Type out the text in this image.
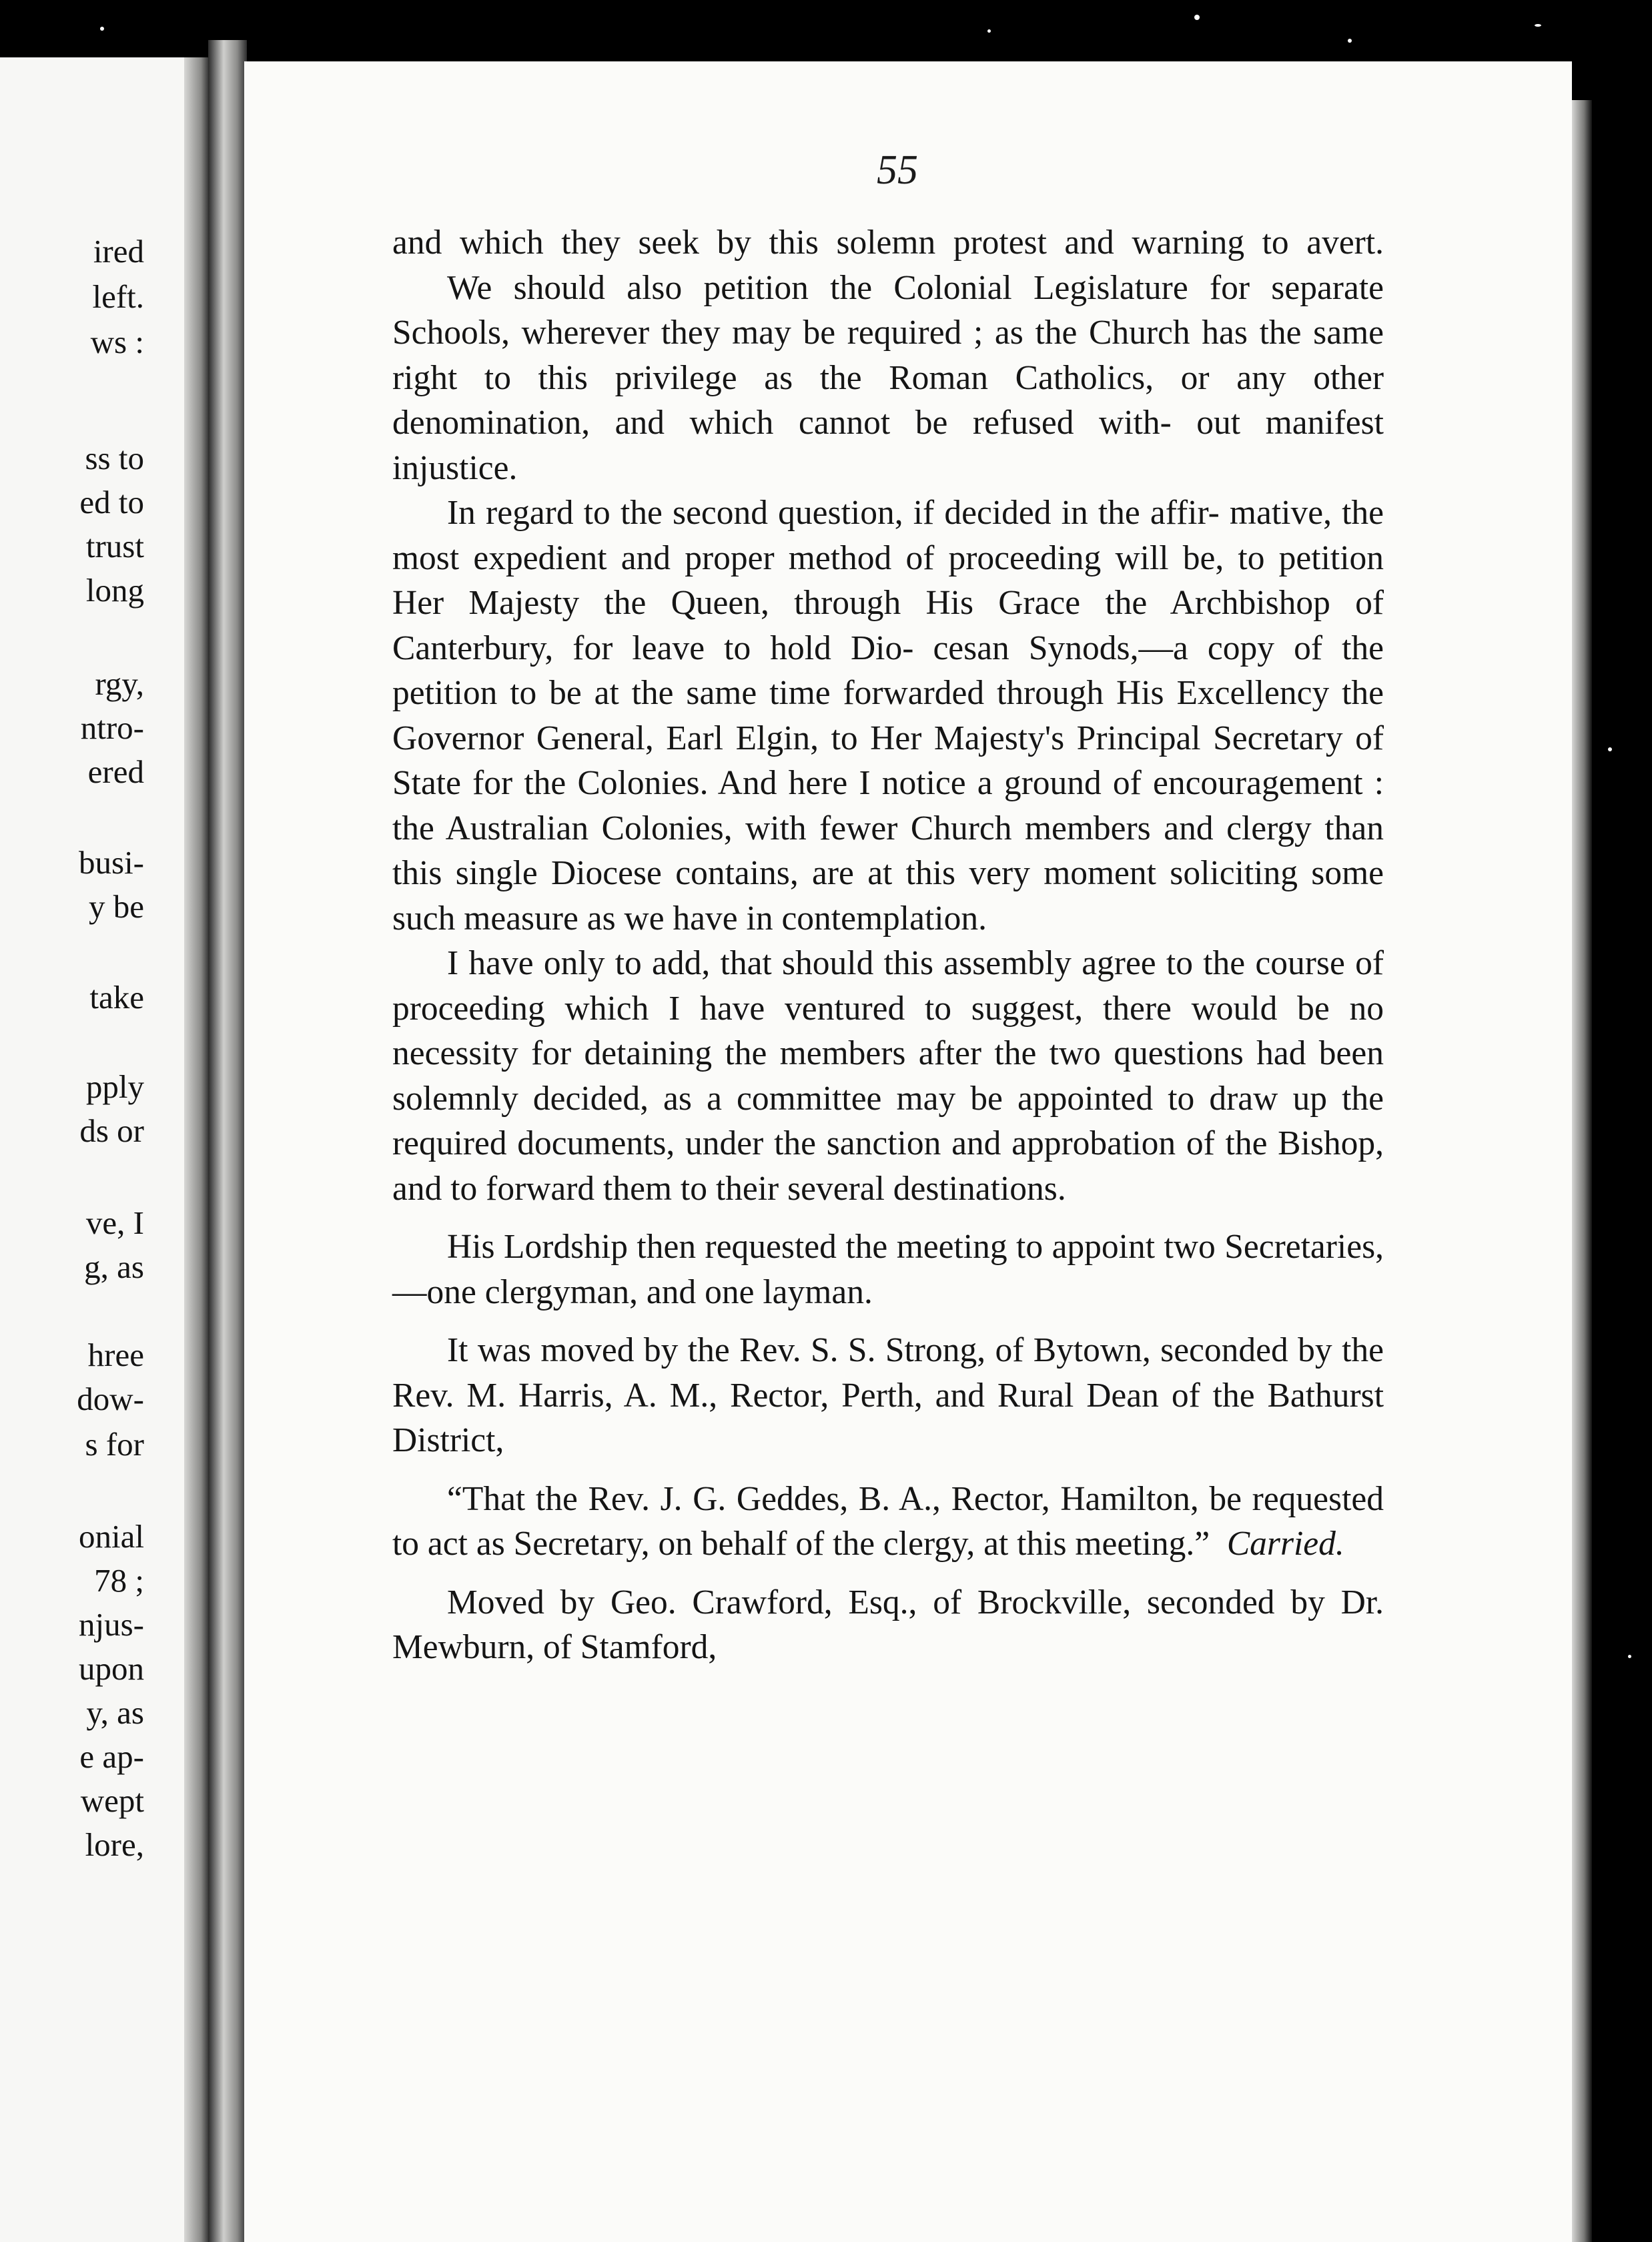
ired
left.
ws :
ss to
ed to
trust
long
rgy,
ntro-
ered
busi-
y be
take
pply
ds or
ve, I
g, as
hree
dow-
s for
onial
78 ;
njus-
upon
y, as
e ap-
wept
lore,
55

and which they seek by this solemn protest and warning to avert.

We should also petition the Colonial Legislature for separate Schools, wherever they may be required ; as the Church has the same right to this privilege as the Roman Catholics, or any other denomination, and which cannot be refused with- out manifest injustice.

In regard to the second question, if decided in the affir- mative, the most expedient and proper method of proceeding will be, to petition Her Majesty the Queen, through His Grace the Archbishop of Canterbury, for leave to hold Dio- cesan Synods,—a copy of the petition to be at the same time forwarded through His Excellency the Governor General, Earl Elgin, to Her Majesty's Principal Secretary of State for the Colonies. And here I notice a ground of encouragement : the Australian Colonies, with fewer Church members and clergy than this single Diocese contains, are at this very moment soliciting some such measure as we have in contemplation.

I have only to add, that should this assembly agree to the course of proceeding which I have ventured to suggest, there would be no necessity for detaining the members after the two questions had been solemnly decided, as a committee may be appointed to draw up the required documents, under the sanction and approbation of the Bishop, and to forward them to their several destinations.

His Lordship then requested the meeting to appoint two Secretaries,—one clergyman, and one layman.

It was moved by the Rev. S. S. Strong, of Bytown, seconded by the Rev. M. Harris, A. M., Rector, Perth, and Rural Dean of the Bathurst District,

“That the Rev. J. G. Geddes, B. A., Rector, Hamilton, be requested to act as Secretary, on behalf of the clergy, at this meeting.” Carried.

Moved by Geo. Crawford, Esq., of Brockville, seconded by Dr. Mewburn, of Stamford,
